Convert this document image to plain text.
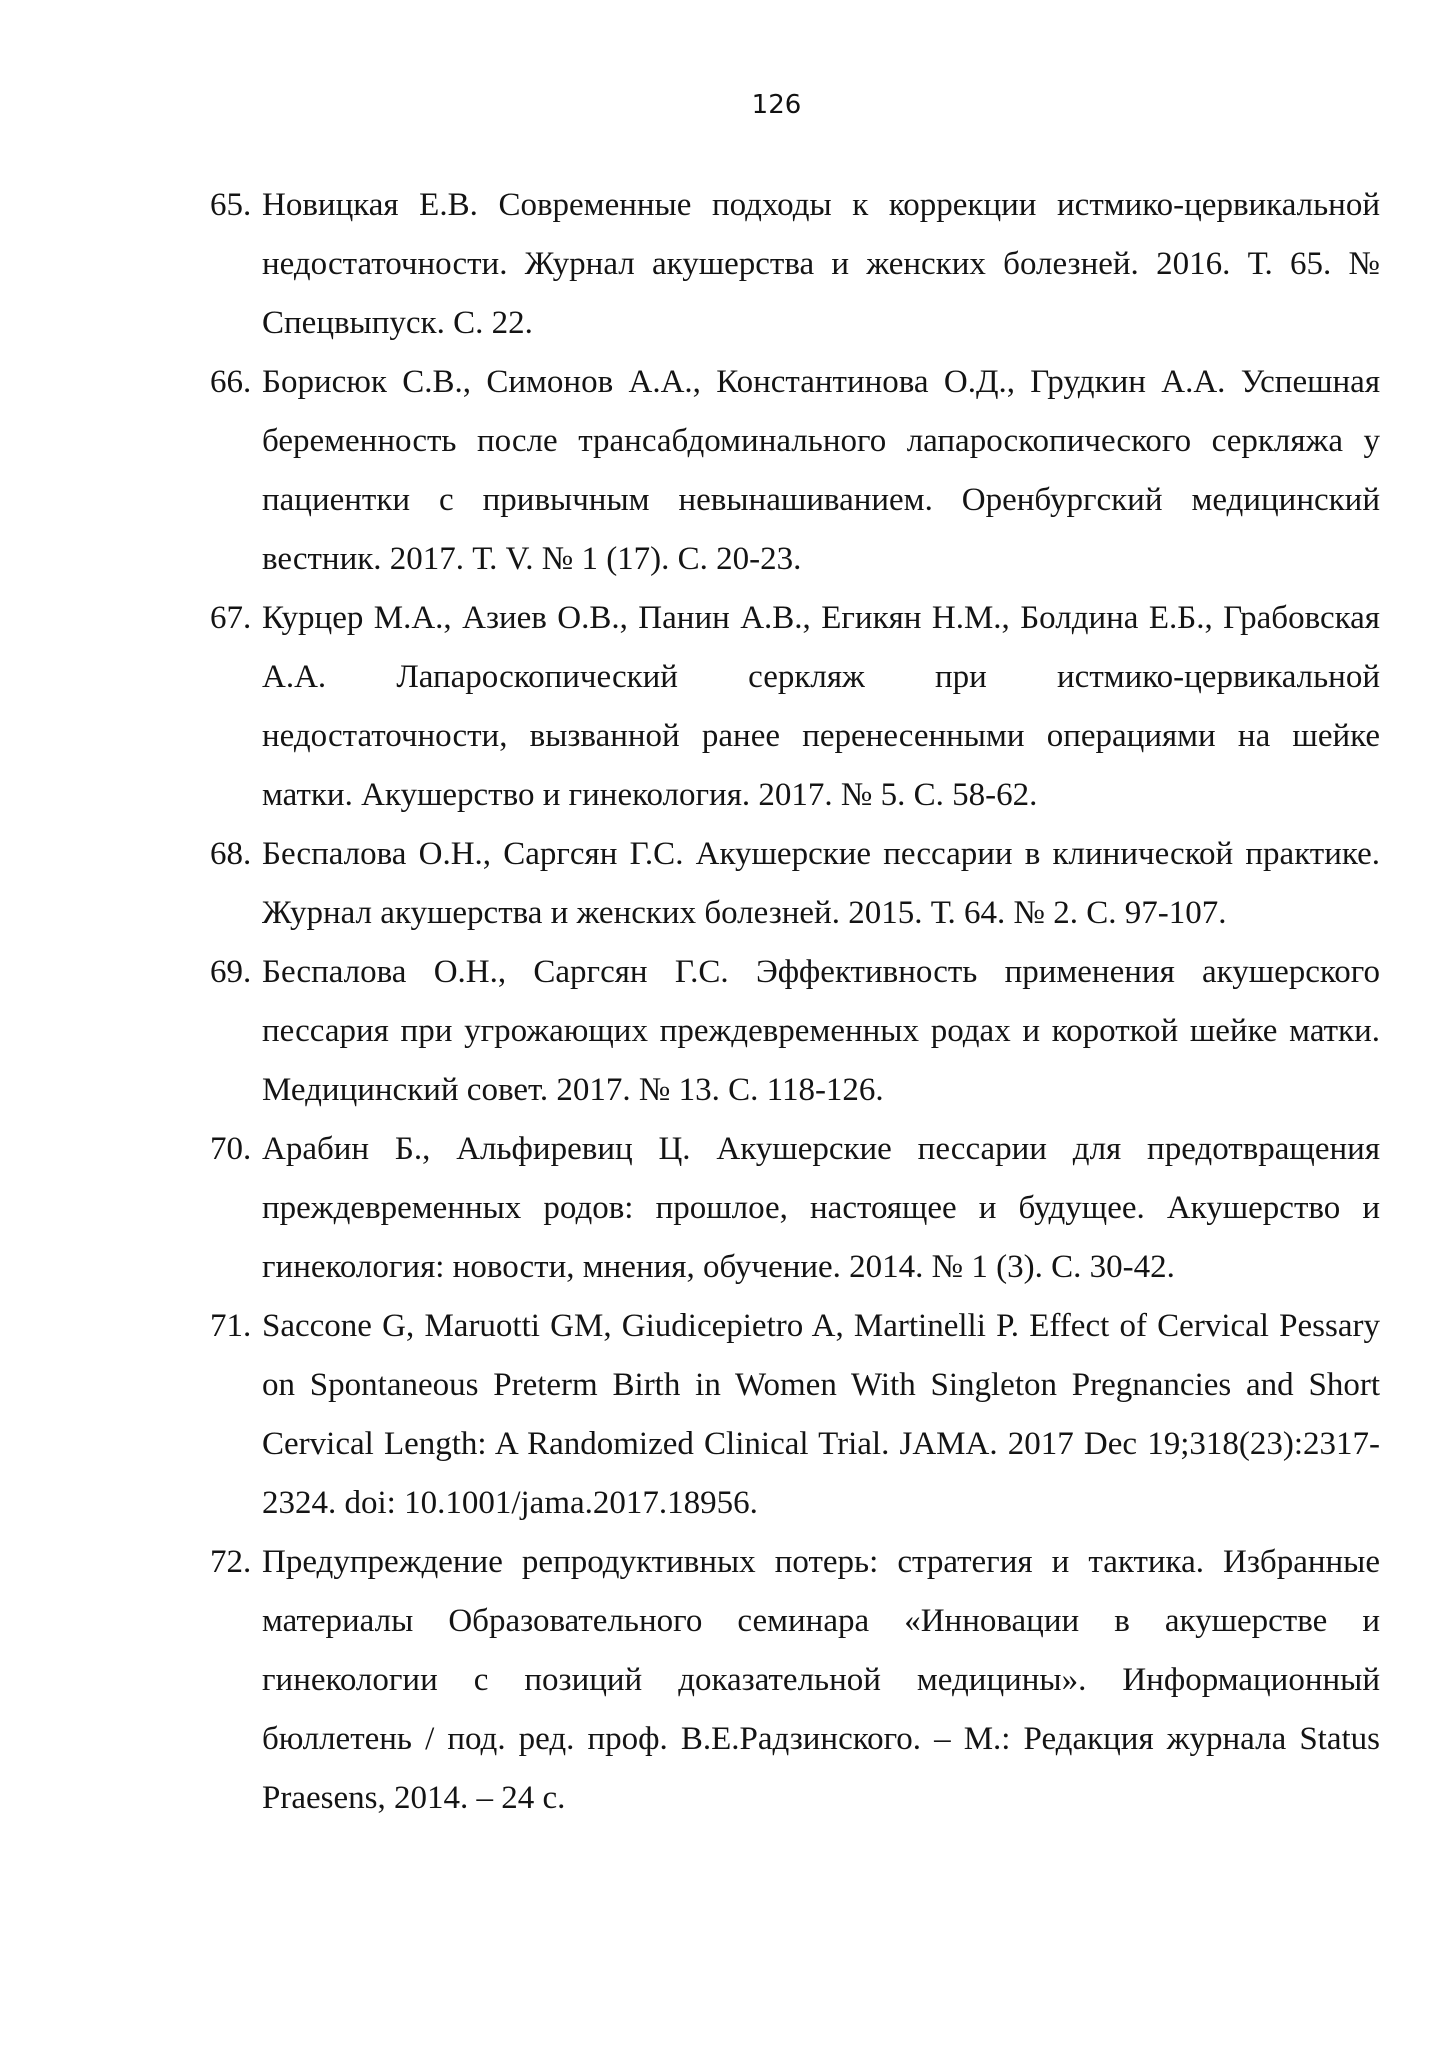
126
65. Новицкая Е.В. Современные подходы к коррекции истмико-цервикальной недостаточности. Журнал акушерства и женских болезней. 2016. Т. 65. № Спецвыпуск. С. 22.
66. Борисюк С.В., Симонов А.А., Константинова О.Д., Грудкин А.А. Успешная беременность после трансабдоминального лапароскопического серкляжа у пациентки с привычным невынашиванием. Оренбургский медицинский вестник. 2017. Т. V. № 1 (17). С. 20-23.
67. Курцер М.А., Азиев О.В., Панин А.В., Егикян Н.М., Болдина Е.Б., Грабовская А.А. Лапароскопический серкляж при истмико-цервикальной недостаточности, вызванной ранее перенесенными операциями на шейке матки. Акушерство и гинекология. 2017. № 5. С. 58-62.
68. Беспалова О.Н., Саргсян Г.С. Акушерские пессарии в клинической практике. Журнал акушерства и женских болезней. 2015. Т. 64. № 2. С. 97-107.
69. Беспалова О.Н., Саргсян Г.С. Эффективность применения акушерского пессария при угрожающих преждевременных родах и короткой шейке матки. Медицинский совет. 2017. № 13. С. 118-126.
70. Арабин Б., Альфиревиц Ц. Акушерские пессарии для предотвращения преждевременных родов: прошлое, настоящее и будущее. Акушерство и гинекология: новости, мнения, обучение. 2014. № 1 (3). С. 30-42.
71. Saccone G, Maruotti GM, Giudicepietro A, Martinelli P. Effect of Cervical Pessary on Spontaneous Preterm Birth in Women With Singleton Pregnancies and Short Cervical Length: A Randomized Clinical Trial. JAMA. 2017 Dec 19;318(23):2317-2324. doi: 10.1001/jama.2017.18956.
72. Предупреждение репродуктивных потерь: стратегия и тактика. Избранные материалы Образовательного семинара «Инновации в акушерстве и гинекологии с позиций доказательной медицины». Информационный бюллетень / под. ред. проф. В.Е.Радзинского. – М.: Редакция журнала Status Praesens, 2014. – 24 с.
